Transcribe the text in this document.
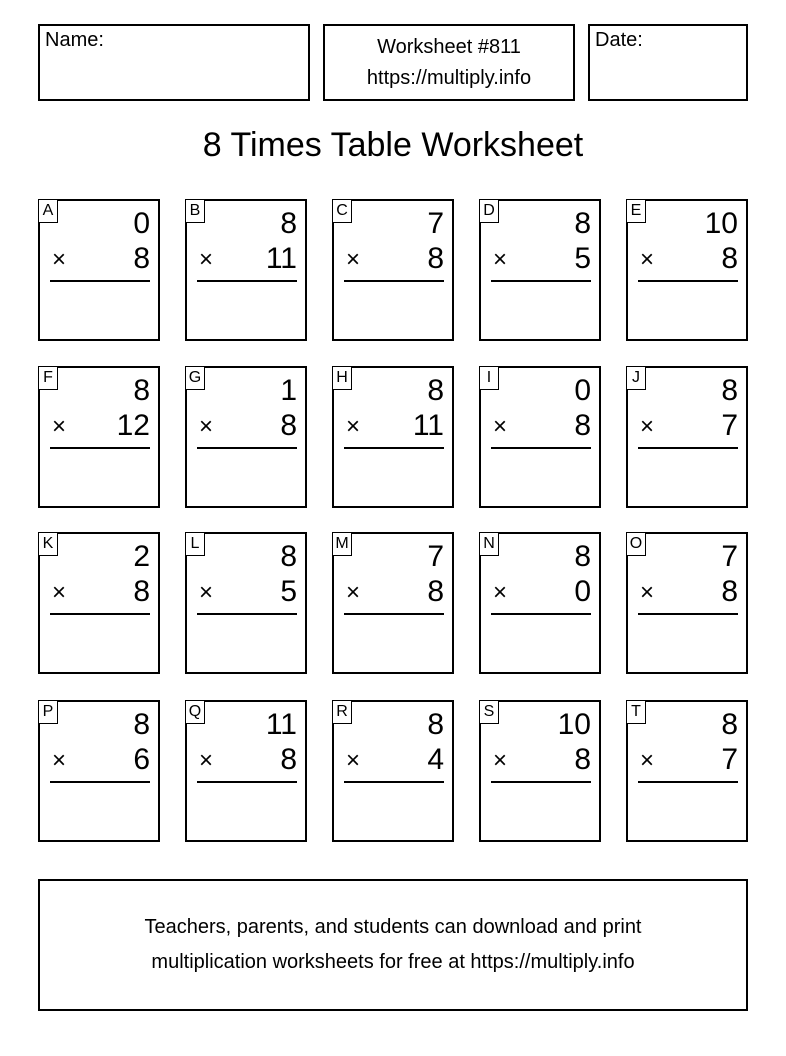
Name:	Worksheet #811
https://multiply.info
Date:
8 Times Table Worksheet
A	0
× 8
B	8
× 11
C	7
× 8
D	8
× 5
E 10
× 8
F	8
× 12
G	1
× 8
H	8
× 11
I	0
× 8
J	8
× 7
K	2
× 8
L	8
× 5
M	7
× 8
N	8
× 0
O	7
× 8
P	8
× 6
Q 11
× 8
R	8
× 4
S 10
× 8
T	8
× 7
Teachers, parents, and students can download and print
multiplication worksheets for free at https://multiply.info
